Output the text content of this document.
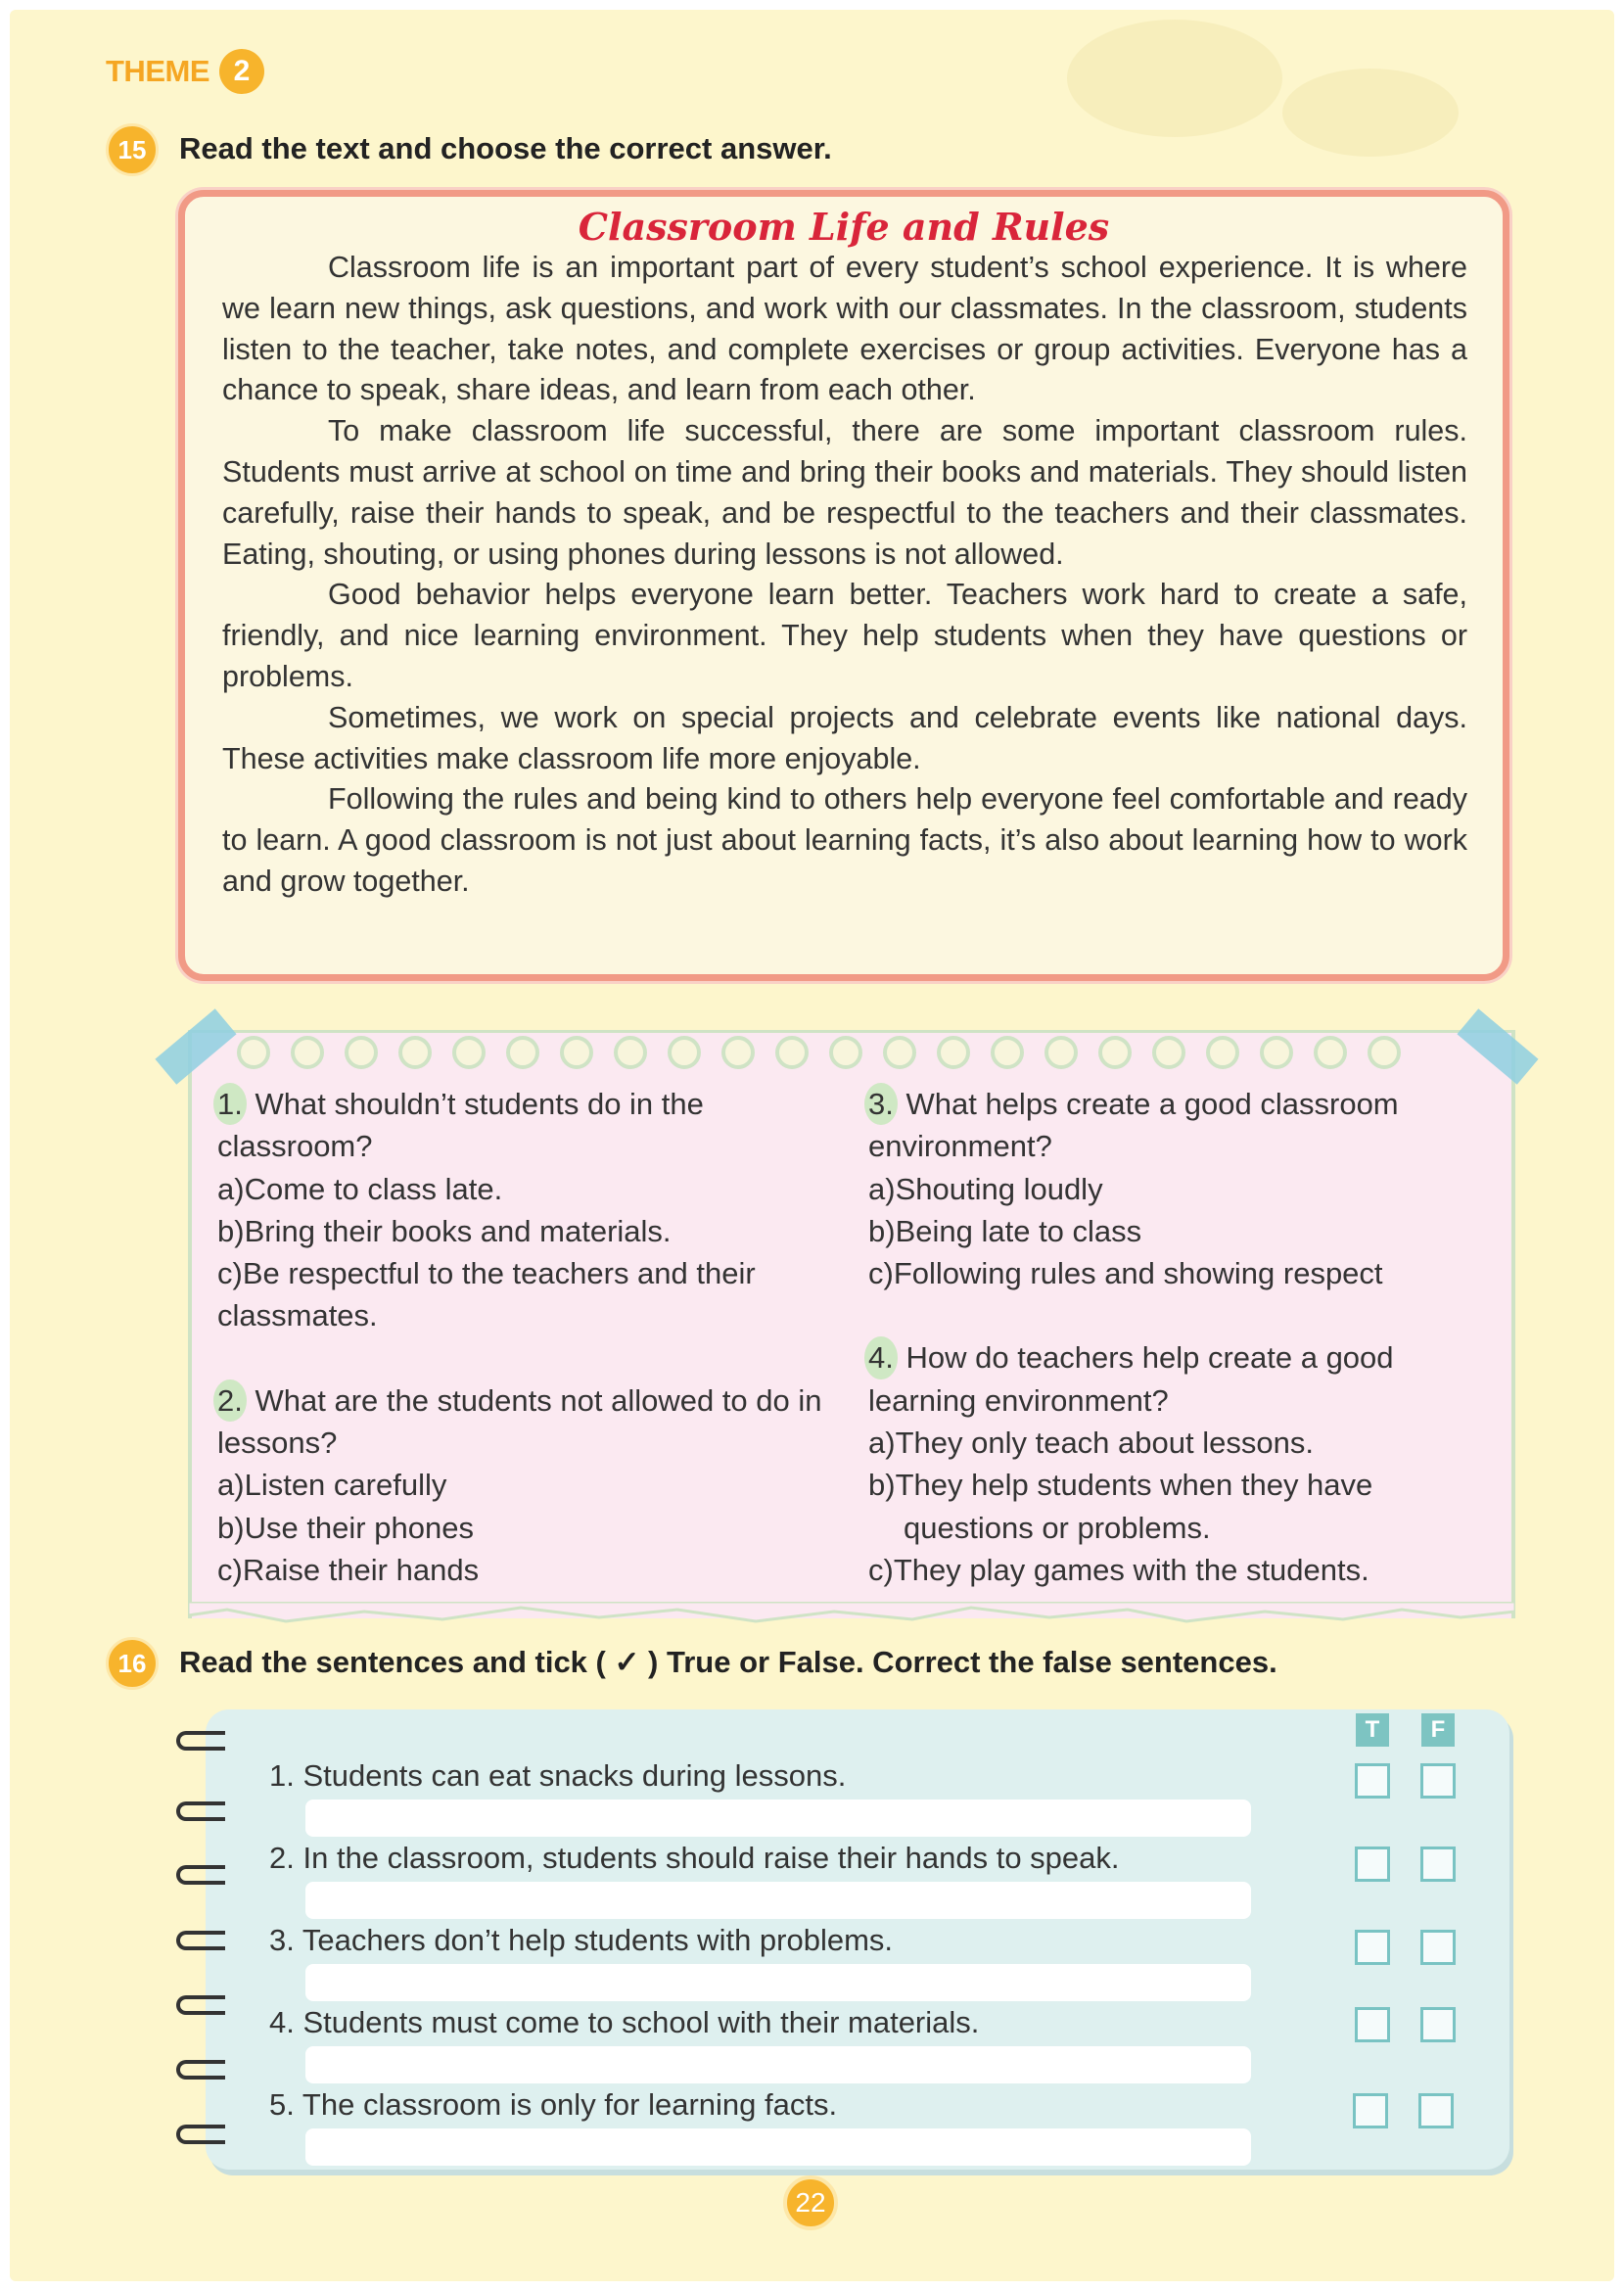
THEME 2
15	Read the text and choose the correct answer.
Classroom Life and Rules

Classroom life is an important part of every student’s school experience. It is where we learn new things, ask questions, and work with our classmates. In the classroom, students listen to the teacher, take notes, and complete exercises or group activities. Everyone has a chance to speak, share ideas, and learn from each other.

To make classroom life successful, there are some important classroom rules. Students must arrive at school on time and bring their books and materials. They should listen carefully, raise their hands to speak, and be respectful to the teachers and their classmates. Eating, shouting, or using phones during lessons is not allowed.

Good behavior helps everyone learn better. Teachers work hard to create a safe, friendly, and nice learning environment. They help students when they have questions or problems.

Sometimes, we work on special projects and celebrate events like national days. These activities make classroom life more enjoyable.

Following the rules and being kind to others help everyone feel comfortable and ready to learn. A good classroom is not just about learning facts, it’s also about learning how to work and grow together.

1. What shouldn’t students do in the classroom?
a)Come to class late.
b)Bring their books and materials.
c)Be respectful to the teachers and their classmates.
2. What are the students not allowed to do in lessons?
a)Listen carefully
b)Use their phones
c)Raise their hands
3. What helps create a good classroom environment?
a)Shouting loudly
b)Being late to class
c)Following rules and showing respect
4. How do teachers help create a good learning environment?
a)They only teach about lessons.
b)They help students when they have questions or problems.
c)They play games with the students.
16	Read the sentences and tick ( ✓ ) True or False. Correct the false sentences.
T	F
1. Students can eat snacks during lessons.
2. In the classroom, students should raise their hands to speak.
3. Teachers don’t help students with problems.
4. Students must come to school with their materials.
5. The classroom is only for learning facts.
22
